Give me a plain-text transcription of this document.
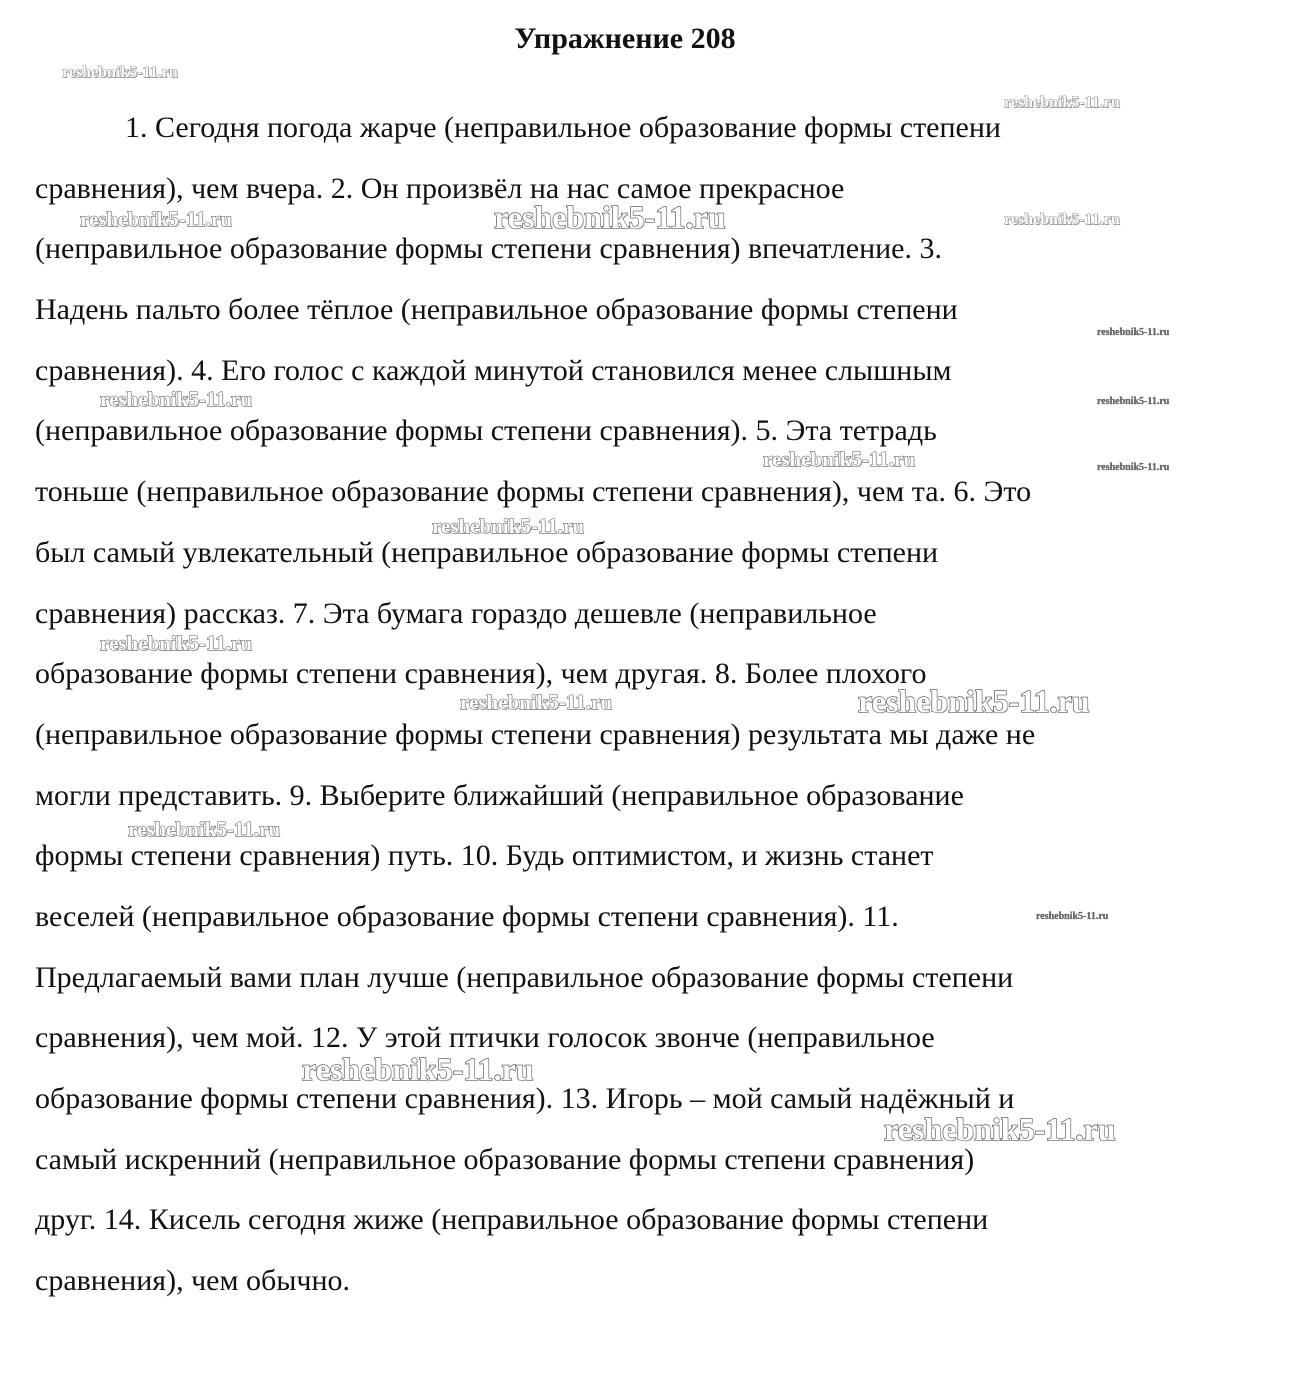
Упражнение 208
1. Сегодня погода жарче (неправильное образование формы степени
сравнения), чем вчера. 2. Он произвёл на нас самое прекрасное
(неправильное образование формы степени сравнения) впечатление. 3.
Надень пальто более тёплое (неправильное образование формы степени
сравнения). 4. Его голос с каждой минутой становился менее слышным
(неправильное образование формы степени сравнения). 5. Эта тетрадь
тоньше (неправильное образование формы степени сравнения), чем та. 6. Это
был самый увлекательный (неправильное образование формы степени
сравнения) рассказ. 7. Эта бумага гораздо дешевле (неправильное
образование формы степени сравнения), чем другая. 8. Более плохого
(неправильное образование формы степени сравнения) результата мы даже не
могли представить. 9. Выберите ближайший (неправильное образование
формы степени сравнения) путь. 10. Будь оптимистом, и жизнь станет
веселей (неправильное образование формы степени сравнения). 11.
Предлагаемый вами план лучше (неправильное образование формы степени
сравнения), чем мой. 12. У этой птички голосок звонче (неправильное
образование формы степени сравнения). 13. Игорь – мой самый надёжный и
самый искренний (неправильное образование формы степени сравнения)
друг. 14. Кисель сегодня жиже (неправильное образование формы степени
сравнения), чем обычно.
reshebnik5-11.ru
reshebnik5-11.ru
reshebnik5-11.ru	reshebnik5-11.ru	reshebnik5-11.ru
reshebnik5-11.ru
reshebnik5-11.ru	reshebnik5-11.ru
reshebnik5-11.ru	reshebnik5-11.ru
reshebnik5-11.ru
reshebnik5-11.ru
reshebnik5-11.ru	reshebnik5-11.ru
reshebnik5-11.ru
reshebnik5-11.ru
reshebnik5-11.ru
reshebnik5-11.ru
